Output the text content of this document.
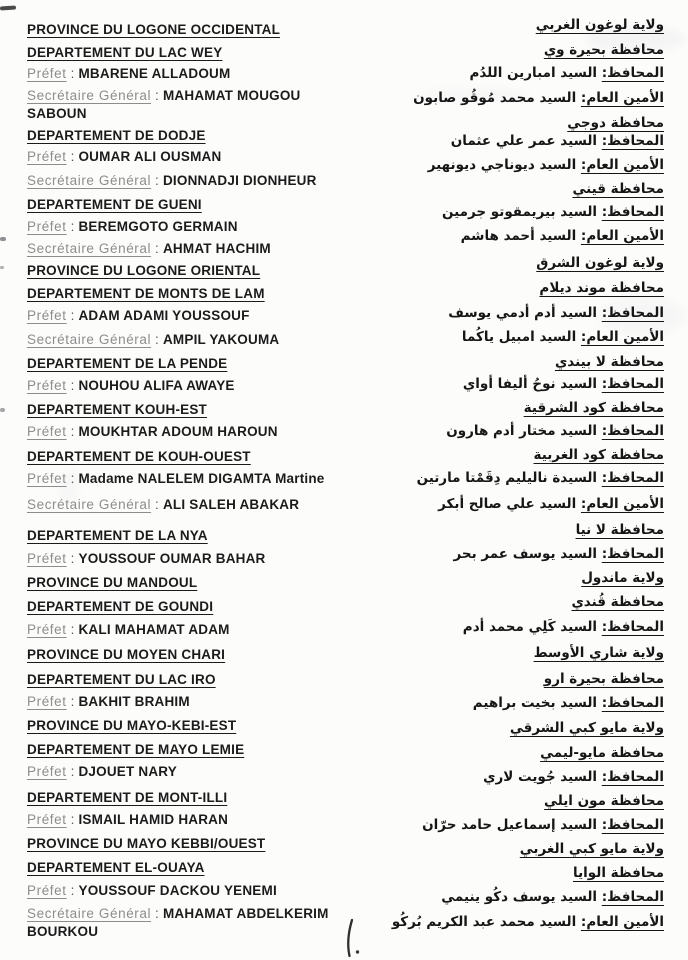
PROVINCE DU LOGONE OCCIDENTAL
DEPARTEMENT DU LAC WEY
Préfet : MBARENE ALLADOUM
Secrétaire Général : MAHAMAT MOUGOU
SABOUN
DEPARTEMENT DE DODJE
Préfet : OUMAR ALI OUSMAN
Secrétaire Général : DIONNADJI DIONHEUR
DEPARTEMENT DE GUENI
Préfet : BEREMGOTO GERMAIN
Secrétaire Général : AHMAT HACHIM
PROVINCE DU LOGONE ORIENTAL
DEPARTEMENT DE MONTS DE LAM
Préfet : ADAM ADAMI YOUSSOUF
Secrétaire Général : AMPIL YAKOUMA
DEPARTEMENT DE LA PENDE
Préfet : NOUHOU ALIFA AWAYE
DEPARTEMENT KOUH-EST
Préfet : MOUKHTAR ADOUM HAROUN
DEPARTEMENT DE KOUH-OUEST
Préfet : Madame NALELEM DIGAMTA Martine
Secrétaire Général : ALI SALEH ABAKAR
DEPARTEMENT DE LA NYA
Préfet : YOUSSOUF OUMAR BAHAR
PROVINCE DU MANDOUL
DEPARTEMENT DE GOUNDI
Préfet : KALI MAHAMAT ADAM
PROVINCE DU MOYEN CHARI
DEPARTEMENT DU LAC IRO
Préfet : BAKHIT BRAHIM
PROVINCE DU MAYO-KEBI-EST
DEPARTEMENT DE MAYO LEMIE
Préfet : DJOUET NARY
DEPARTEMENT DE MONT-ILLI
Préfet : ISMAIL HAMID HARAN
PROVINCE DU MAYO KEBBI/OUEST
DEPARTEMENT EL-OUAYA
Préfet : YOUSSOUF DACKOU YENEMI
Secrétaire Général : MAHAMAT ABDELKERIM
BOURKOU
ولاية لوغون الغربي
محافظة بحيرة وي
المحافظ: السيد امبارين اللدُم
الأمين العام: السيد محمد مُوقُو صابون
محافظة دوجي
المحافظ: السيد عمر علي عثمان
الأمين العام: السيد ديوناجي ديونهير
محافظة قيني
المحافظ: السيد بيريمقوتو جرمين
الأمين العام: السيد أحمد هاشم
ولاية لوغون الشرق
محافظة موند ديلام
المحافظ: السيد أدم أدمي يوسف
الأمين العام: السيد امبيل ياكُما
محافظة لا بيندي
المحافظ: السيد نوحُ أليفا أواي
محافظة كود الشرقية
المحافظ: السيد مختار أدم هارون
محافظة كود الغربية
المحافظ: السيدة ناليليم دِقَمْتا مارتين
الأمين العام: السيد علي صالح أبكر
محافظة لا نيا
المحافظ: السيد يوسف عمر بحر
ولاية ماندول
محافظة قُندي
المحافظ: السيد كَلِي محمد أدم
ولاية شاري الأوسط
محافظة بحيرة ارو
المحافظ: السيد بخيت براهيم
ولاية مايو كبي الشرقي
محافظة مايو-ليمي
المحافظ: السيد جُويت لاري
محافظة مون ايلي
المحافظ: السيد إسماعيل حامد حرّان
ولاية مايو كبي الغربي
محافظة الوايا
المحافظ: السيد يوسف دكُو ينيمي
الأمين العام: السيد محمد عبد الكريم بُركُو
